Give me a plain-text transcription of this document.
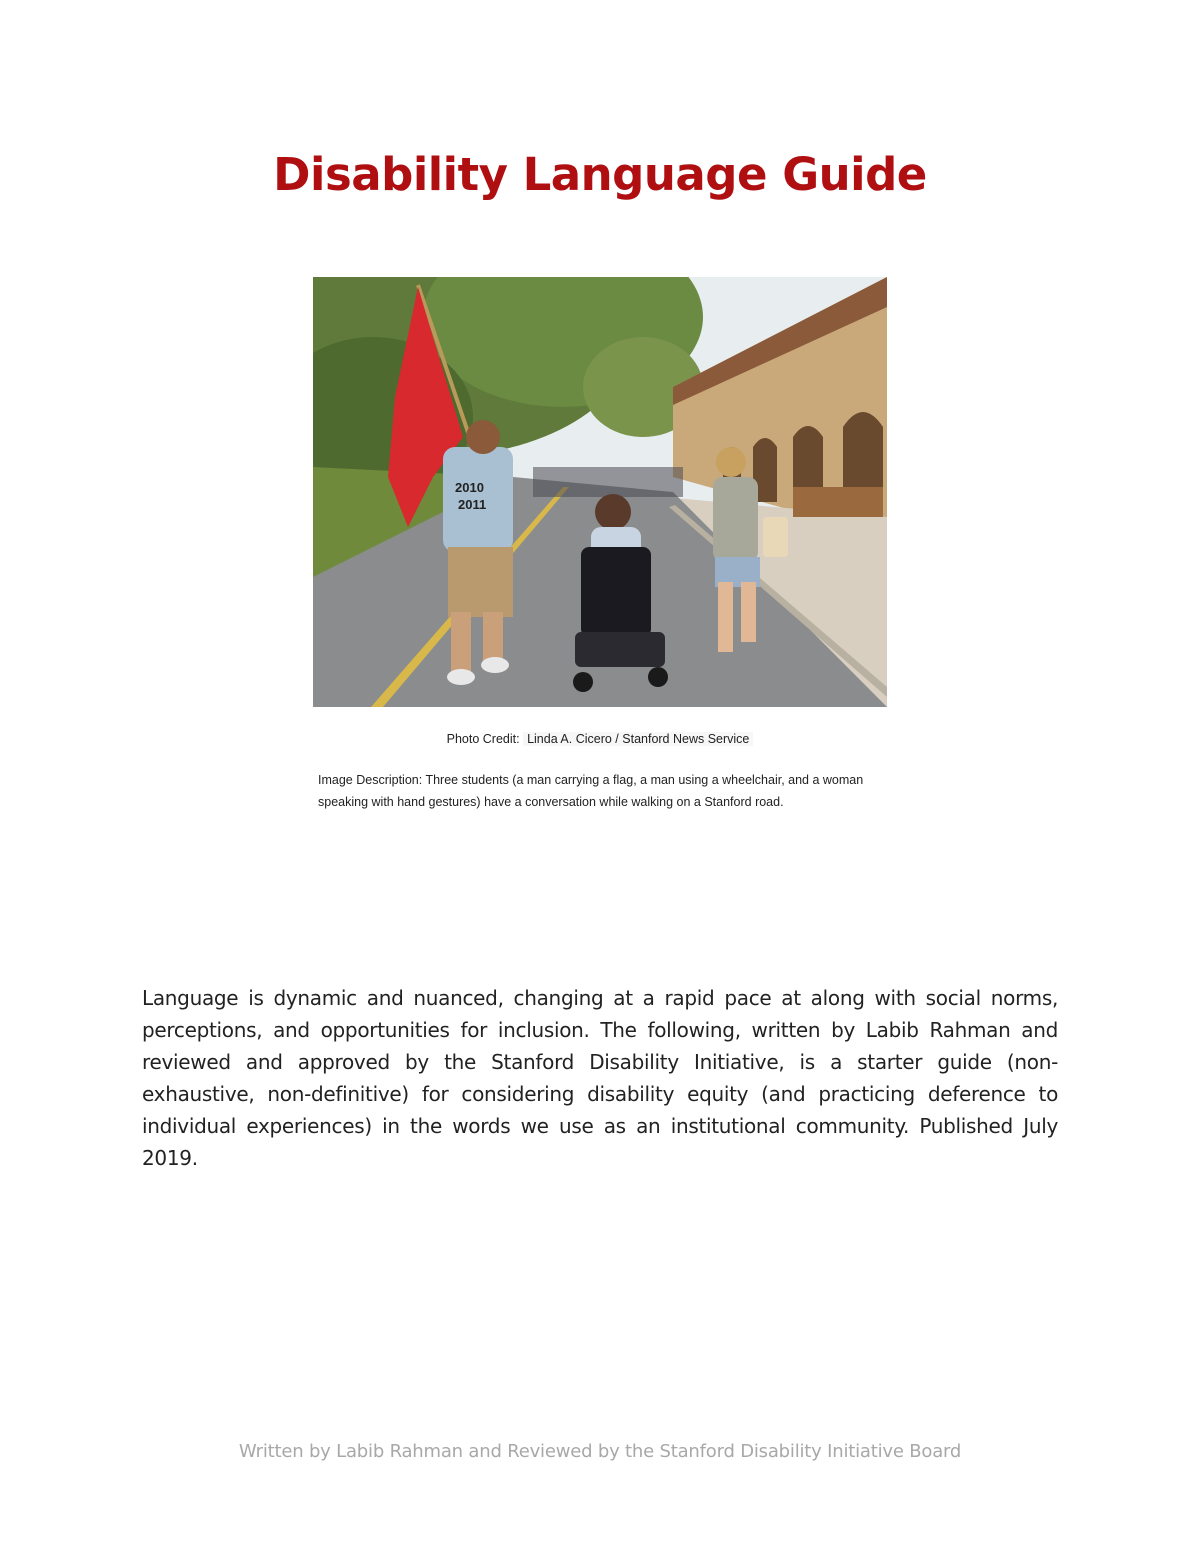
Disability Language Guide
2010
2011
Photo Credit: Linda A. Cicero / Stanford News Service
Image Description: Three students (a man carrying a flag, a man using a wheelchair, and a woman speaking with hand gestures) have a conversation while walking on a Stanford road.

Language is dynamic and nuanced, changing at a rapid pace at along with social norms, perceptions, and opportunities for inclusion. The following, written by Labib Rahman and reviewed and approved by the Stanford Disability Initiative, is a starter guide (non-exhaustive, non-definitive) for considering disability equity (and practicing deference to individual experiences) in the words we use as an institutional community. Published July 2019.

Written by Labib Rahman and Reviewed by the Stanford Disability Initiative Board
